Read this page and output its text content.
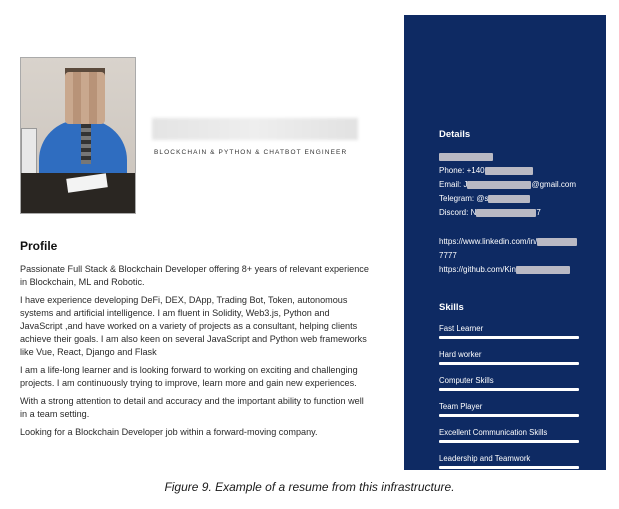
BLOCKCHAIN & PYTHON & CHATBOT ENGINEER
Profile

Passionate Full Stack & Blockchain Developer offering 8+ years of relevant experience in Blockchain, ML and Robotic.

I have experience developing DeFi, DEX, DApp, Trading Bot, Token, autonomous systems and artificial intelligence. I am fluent in Solidity, Web3.js, Python and JavaScript ,and have worked on a variety of projects as a consultant, helping clients achieve their goals. I am also keen on several JavaScript and Python web frameworks like Vue, React, Django and Flask

I am a life-long learner and is looking forward to working on exciting and challenging projects. I am continuously trying to improve, learn more and gain new experiences.

With a strong attention to detail and accuracy and the important ability to function well in a team setting.

Looking for a Blockchain Developer job within a forward-moving company.

Details
Phone: +140
Email: J	@gmail.com
Telegram: @s
Discord: N	7
https://www.linkedin.com/in/
7777
https://github.com/Kin
Skills
Fast Learner
Hard worker
Computer Skills
Team Player
Excellent Communication Skills
Leadership and Teamwork
Figure 9. Example of a resume from this infrastructure.
